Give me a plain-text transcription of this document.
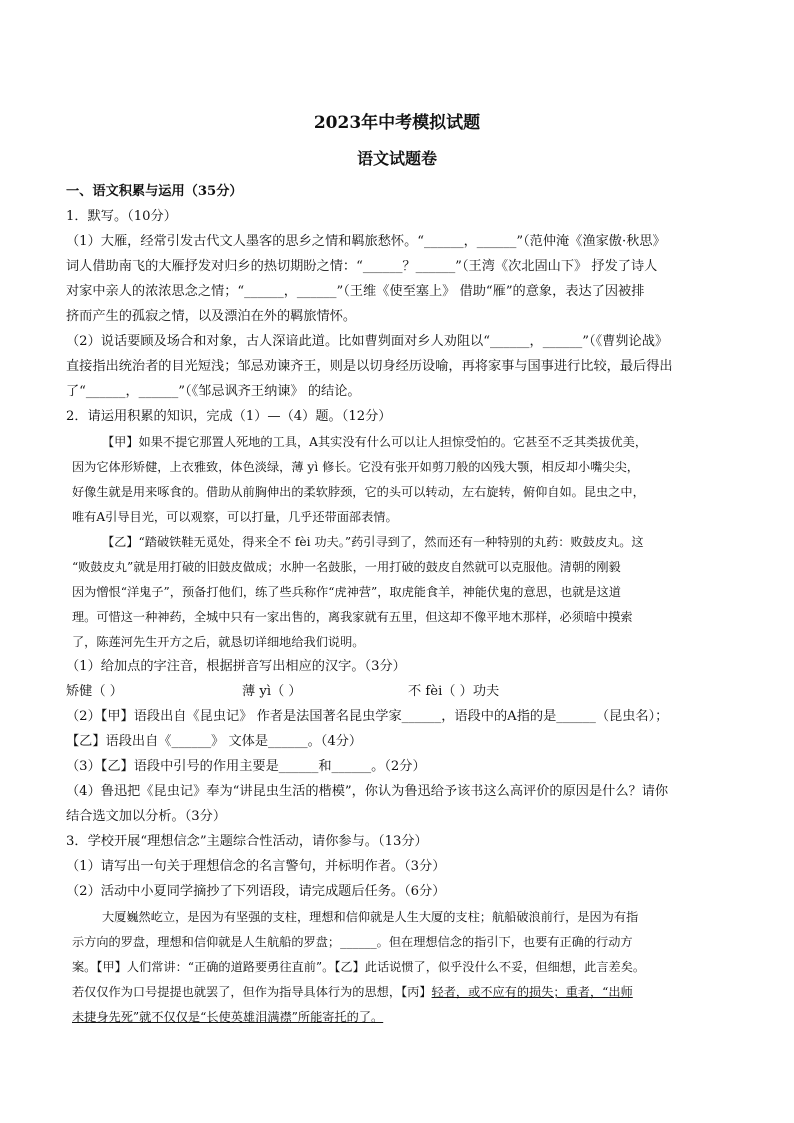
2023年中考模拟试题
语文试题卷
一、语文积累与运用（35分）
1．默写。（10分）
（1）大雁，经常引发古代文人墨客的思乡之情和羁旅愁怀。“______，______”（范仲淹《渔家傲·秋思》
词人借助南飞的大雁抒发对归乡的热切期盼之情：“______？______”（王湾《次北固山下》 抒发了诗人
对家中亲人的浓浓思念之情；“______，______”（王维《使至塞上》 借助“雁”的意象，表达了因被排
挤而产生的孤寂之情，以及漂泊在外的羁旅情怀。
（2）说话要顾及场合和对象，古人深谙此道。比如曹刿面对乡人劝阻以“______，______”（《曹刿论战》
直接指出统治者的目光短浅；邹忌劝谏齐王，则是以切身经历设喻，再将家事与国事进行比较，最后得出
了“______，______”（《邹忌讽齐王纳谏》 的结论。
2．请运用积累的知识，完成（1）—（4）题。（12分）
【甲】如果不提它那置人死地的工具，A其实没有什么可以让人担惊受怕的。它甚至不乏其类拔优美，
因为它体形矫健，上衣雅致，体色淡绿，薄 yì 修长。它没有张开如剪刀般的凶残大颚，相反却小嘴尖尖，
好像生就是用来啄食的。借助从前胸伸出的柔软脖颈，它的头可以转动，左右旋转，俯仰自如。昆虫之中，
唯有A引导目光，可以观察，可以打量，几乎还带面部表情。
【乙】“踏破铁鞋无觅处，得来全不 fèi 功夫。”药引寻到了，然而还有一种特别的丸药：败鼓皮丸。这
“败鼓皮丸”就是用打破的旧鼓皮做成；水肿一名鼓胀，一用打破的鼓皮自然就可以克服他。清朝的刚毅
因为憎恨“洋鬼子”，预备打他们，练了些兵称作“虎神营”，取虎能食羊，神能伏鬼的意思，也就是这道
理。可惜这一种神药，全城中只有一家出售的，离我家就有五里，但这却不像平地木那样，必须暗中摸索
了，陈莲河先生开方之后，就恳切详细地给我们说明。
（1）给加点的字注音，根据拼音写出相应的汉字。（3分）
矫健（ ）	薄 yì（ ）	不 fèi（ ）功夫
（2）【甲】语段出自《昆虫记》 作者是法国著名昆虫学家______，语段中的A指的是______（昆虫名）；
【乙】语段出自《______》 文体是______。（4分）
（3）【乙】语段中引号的作用主要是______和______。（2分）
（4）鲁迅把《昆虫记》奉为“讲昆虫生活的楷模”，你认为鲁迅给予该书这么高评价的原因是什么？请你
结合选文加以分析。（3分）
3．学校开展“理想信念”主题综合性活动，请你参与。（13分）
（1）请写出一句关于理想信念的名言警句，并标明作者。（3分）
（2）活动中小夏同学摘抄了下列语段，请完成题后任务。（6分）
大厦巍然屹立，是因为有坚强的支柱，理想和信仰就是人生大厦的支柱；航船破浪前行，是因为有指
示方向的罗盘，理想和信仰就是人生航船的罗盘；______。但在理想信念的指引下，也要有正确的行动方
案。【甲】人们常讲：“正确的道路要勇往直前”。【乙】此话说惯了，似乎没什么不妥，但细想，此言差矣。
若仅仅作为口号提提也就罢了，但作为指导具体行为的思想，【丙】轻者，或不应有的损失；重者，“出师
未捷身先死”就不仅仅是“长使英雄泪满襟”所能寄托的了。
